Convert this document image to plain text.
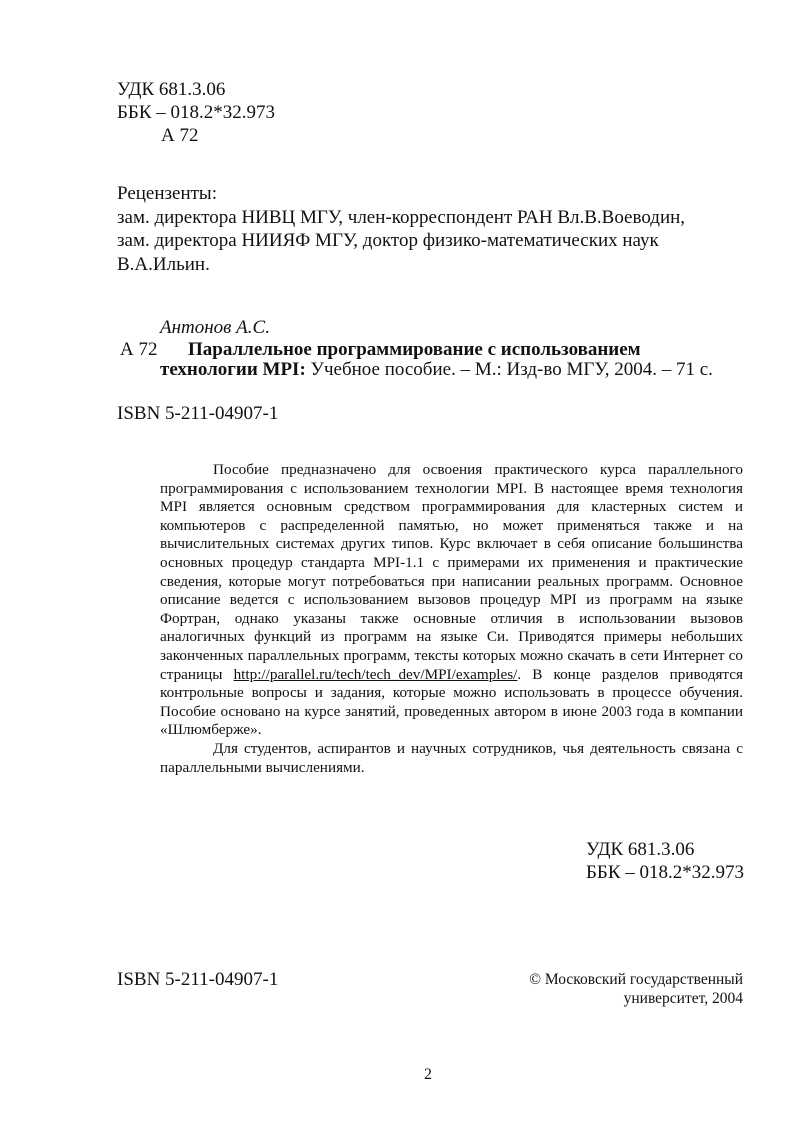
УДК 681.3.06
ББК – 018.2*32.973
А 72
Рецензенты:
зам. директора НИВЦ МГУ, член-корреспондент РАН Вл.В.Воеводин,
зам. директора НИИЯФ МГУ, доктор физико-математических наук
В.А.Ильин.
Антонов А.С.
А 72 Параллельное программирование с использованием
технологии MPI: Учебное пособие. – М.: Изд-во МГУ, 2004. – 71 с.
ISBN 5-211-04907-1

Пособие предназначено для освоения практического курса параллельного программирования с использованием технологии MPI. В настоящее время технология MPI является основным средством программирования для кластерных систем и компьютеров с распределенной памятью, но может применяться также и на вычислительных системах других типов. Курс включает в себя описание большинства основных процедур стандарта MPI-1.1 с примерами их применения и практические сведения, которые могут потребоваться при написании реальных программ. Основное описание ведется с использованием вызовов процедур MPI из программ на языке Фортран, однако указаны также основные отличия в использовании вызовов аналогичных функций из программ на языке Си. Приводятся примеры небольших законченных параллельных программ, тексты которых можно скачать в сети Интернет со страницы http://parallel.ru/tech/tech_dev/MPI/examples/. В конце разделов приводятся контрольные вопросы и задания, которые можно использовать в процессе обучения. Пособие основано на курсе занятий, проведенных автором в июне 2003 года в компании «Шлюмберже».

Для студентов, аспирантов и научных сотрудников, чья деятельность связана с параллельными вычислениями.

УДК 681.3.06
ББК – 018.2*32.973
ISBN 5-211-04907-1	© Московский государственный
университет, 2004
2
